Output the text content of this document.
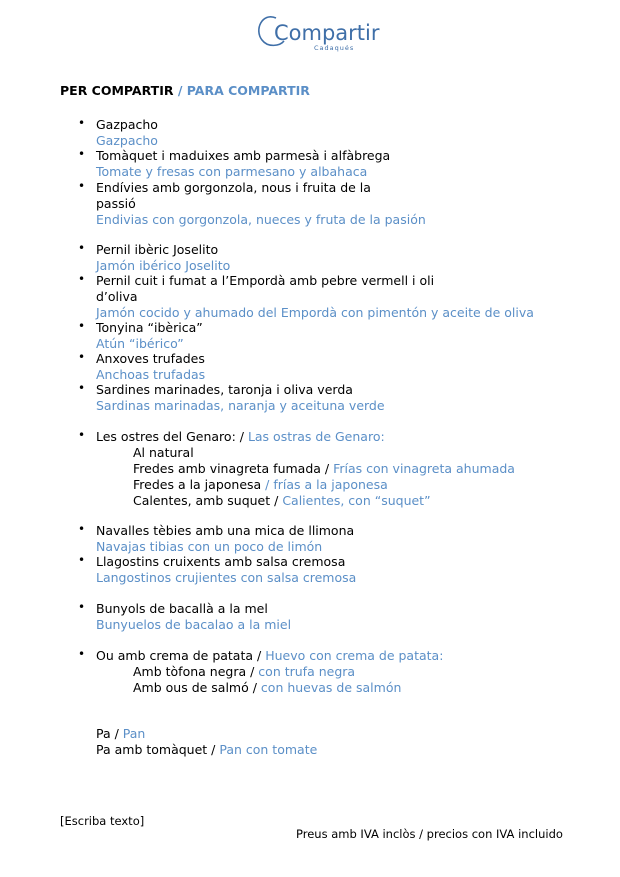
Compartir
Cadaqués
PER COMPARTIR / PARA COMPARTIR
• Gazpacho
Gazpacho
• Tomàquet i maduixes amb parmesà i alfàbrega
Tomate y fresas con parmesano y albahaca
• Endívies amb gorgonzola, nous i fruita de la
passió
Endivias con gorgonzola, nueces y fruta de la pasión
• Pernil ibèric Joselito
Jamón ibérico Joselito
• Pernil cuit i fumat a l’Empordà amb pebre vermell i oli
d’oliva
Jamón cocido y ahumado del Empordà con pimentón y aceite de oliva
• Tonyina “ibèrica”
Atún “ibérico”
• Anxoves trufades
Anchoas trufadas
• Sardines marinades, taronja i oliva verda
Sardinas marinadas, naranja y aceituna verde
• Les ostres del Genaro: / Las ostras de Genaro:
Al natural
Fredes amb vinagreta fumada / Frías con vinagreta ahumada
Fredes a la japonesa / frías a la japonesa
Calentes, amb suquet / Calientes, con “suquet”
• Navalles tèbies amb una mica de llimona
Navajas tibias con un poco de limón
• Llagostins cruixents amb salsa cremosa
Langostinos crujientes con salsa cremosa
• Bunyols de bacallà a la mel
Bunyuelos de bacalao a la miel
• Ou amb crema de patata / Huevo con crema de patata:
Amb tòfona negra / con trufa negra
Amb ous de salmó / con huevas de salmón
Pa / Pan
Pa amb tomàquet / Pan con tomate
[Escriba texto]
Preus amb IVA inclòs / precios con IVA incluido
